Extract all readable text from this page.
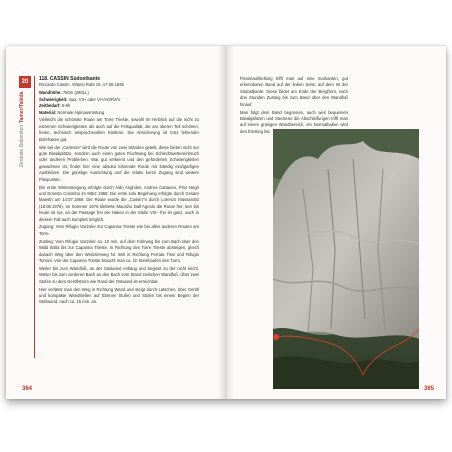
20
Zentrale Dolomiten Tamer/Talèda
118. CASSIN Südostkante
Riccardo Cassin, Vittorio Ratti 15.-17.08.1935
Wandhöhe: 750m (280LL)
Schwierigkeit: max. VII+ oder VI+/A0/RZ/V
Zeitbedarf: 6-8h
Material: Normale Alpinausrüstung

Vielleicht die schönste Route am Torre Trieste, sowohl im Hinblick auf die nicht zu extremen Schwierigkeiten als auch auf die Felsqualität, die am oberen Teil schönen, freien, technisch anspruchsvollen Kletterei. Die Absicherung ist trotz fehlender Bohrhaken gut.

Wie bei der „Carlesso“ wird die Route von zwei Ständen geteilt, diese bieten nicht nur gute Biwakplätze, sondern auch einen guten Fluchtweg bei Schlechtwettereinbruch oder anderen Problemen. War gut verkeimt und den geforderten Schwierigkeiten gewachsen ist, findet hier eine absolut lohnende Route mit ständig einzigartigen Ausblicken. Die günstige Ausrichtung und die relativ kurze Zugang sind weitere Pluspunkte.

Die erste Wintersteigung erfolgte durch Aldo Anghileri, Andrea Cattaneo, Pino Negri und Ernesto Colombo im März 1968. Die erste solo Begehung erfolgte durch Cesare Maestri am 14.07.1959. Die Route wurde die „Cassin'“s durch Lorenzo Massarotto (18.08.1976). Im Sommer 1976 kletterte Maurizio Dall’Agnolo die Route frei; leer bis heute ist nur, an der Passage frei der Haken in der Stelle VIII− frei ist ganz, auch in diesem Fall auch komplett möglich.

Zugang: Vom Rifugio Vazzoler zur Capanna Trieste wie bei allen anderen Routen am Torre.

Zustieg: Vom Rifugio Vazzoler ca. 10 min. auf dem Fahrweg bis zum Bach über den Wald Bolla bis zur Capanna Trieste. In Richtung des Torre Trieste absteigen, gleich danach Weg über den Weinzierweg Nr. 560 in Richtung Ferrata Tissi und Rifugio Torrani. Von der Capanna Trieste braucht man ca. 1h Steinhaufen den Turm.

Weiter bis zum Wandfuß, an der Südwand entlang und beginnt zu der nicht leicht. Weiter bis zum vorderen Bach an den Bach vom Stand zwischen Wandfuß. Über zwei Stufen zu dem Geröllstrom wie Rand der Ostwand ist erreichbar.

Hier verlässt man den Weg in Richtung Wand und steigt durch Latschen, über Geröll und kompakte Wandstellen auf Ebenen Stufen und Stufen bis einem Beginn der Steilwand, nach ca. 15 min. an.

364

Fleximaufstellung trifft man auf eine markanten, gut erkennbaren Band auf der linken Seite, auf dem Ist der Südostkante. Diese bildet am Ende der Bergfront, nach drei Stunden Zustieg bis zum Band über den Wandfuß hinauf.

Man folgt dem Band begonnen, auch weil bequemen Biwakplätzen und Steckerei die Abschleifungen trifft man auf einem grasigen Wandbereich, ein Normalhaken wird den Einstieg bis.

365
